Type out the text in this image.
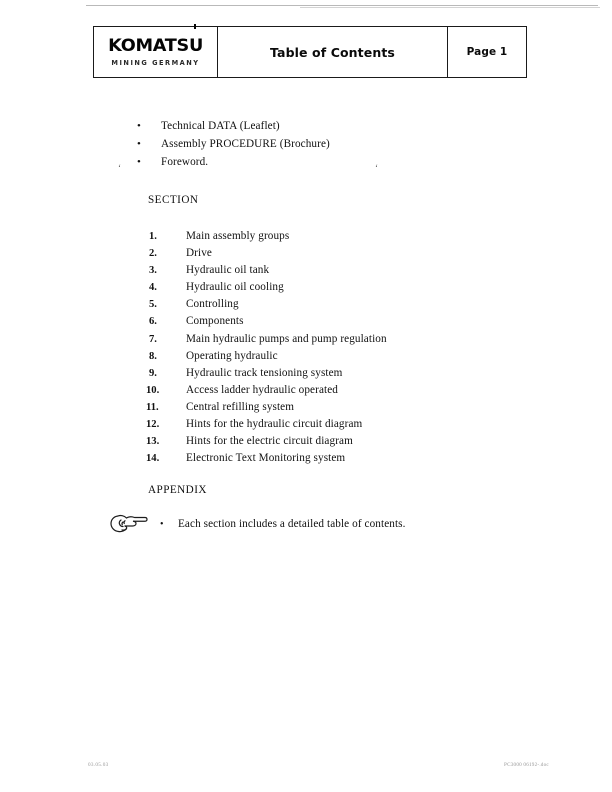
KOMATSU
MINING GERMANY
Table of Contents	Page 1
•	Technical DATA (Leaflet)
•	Assembly PROCEDURE (Brochure)
•	Foreword.
SECTION
1.	Main assembly groups
2.	Drive
3.	Hydraulic oil tank
4.	Hydraulic oil cooling
5.	Controlling
6.	Components
7.	Main hydraulic pumps and pump regulation
8.	Operating hydraulic
9.	Hydraulic track tensioning system
10.	Access ladder hydraulic operated
11.	Central refilling system
12.	Hints for the hydraulic circuit diagram
13.	Hints for the electric circuit diagram
14.	Electronic Text Monitoring system
APPENDIX
•	Each section includes a detailed table of contents.
‘	‘
03.05.03	PC3000 06192-.doc
